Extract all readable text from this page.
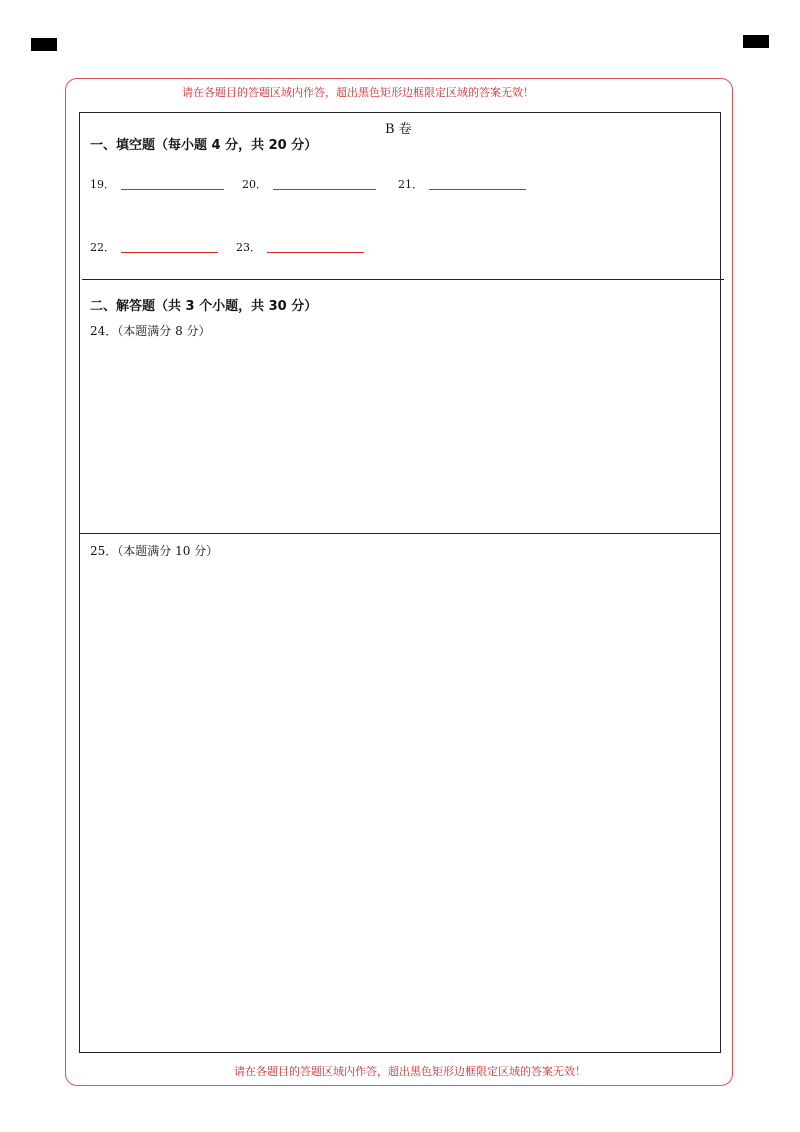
请在各题目的答题区域内作答，超出黑色矩形边框限定区域的答案无效！
B 卷
一、填空题（每小题 4 分，共 20 分）
19．	20．	21．
22．	23．
二、解答题（共 3 个小题，共 30 分）
24．（本题满分 8 分）
25．（本题满分 10 分）
请在各题目的答题区域内作答，超出黑色矩形边框限定区域的答案无效！
